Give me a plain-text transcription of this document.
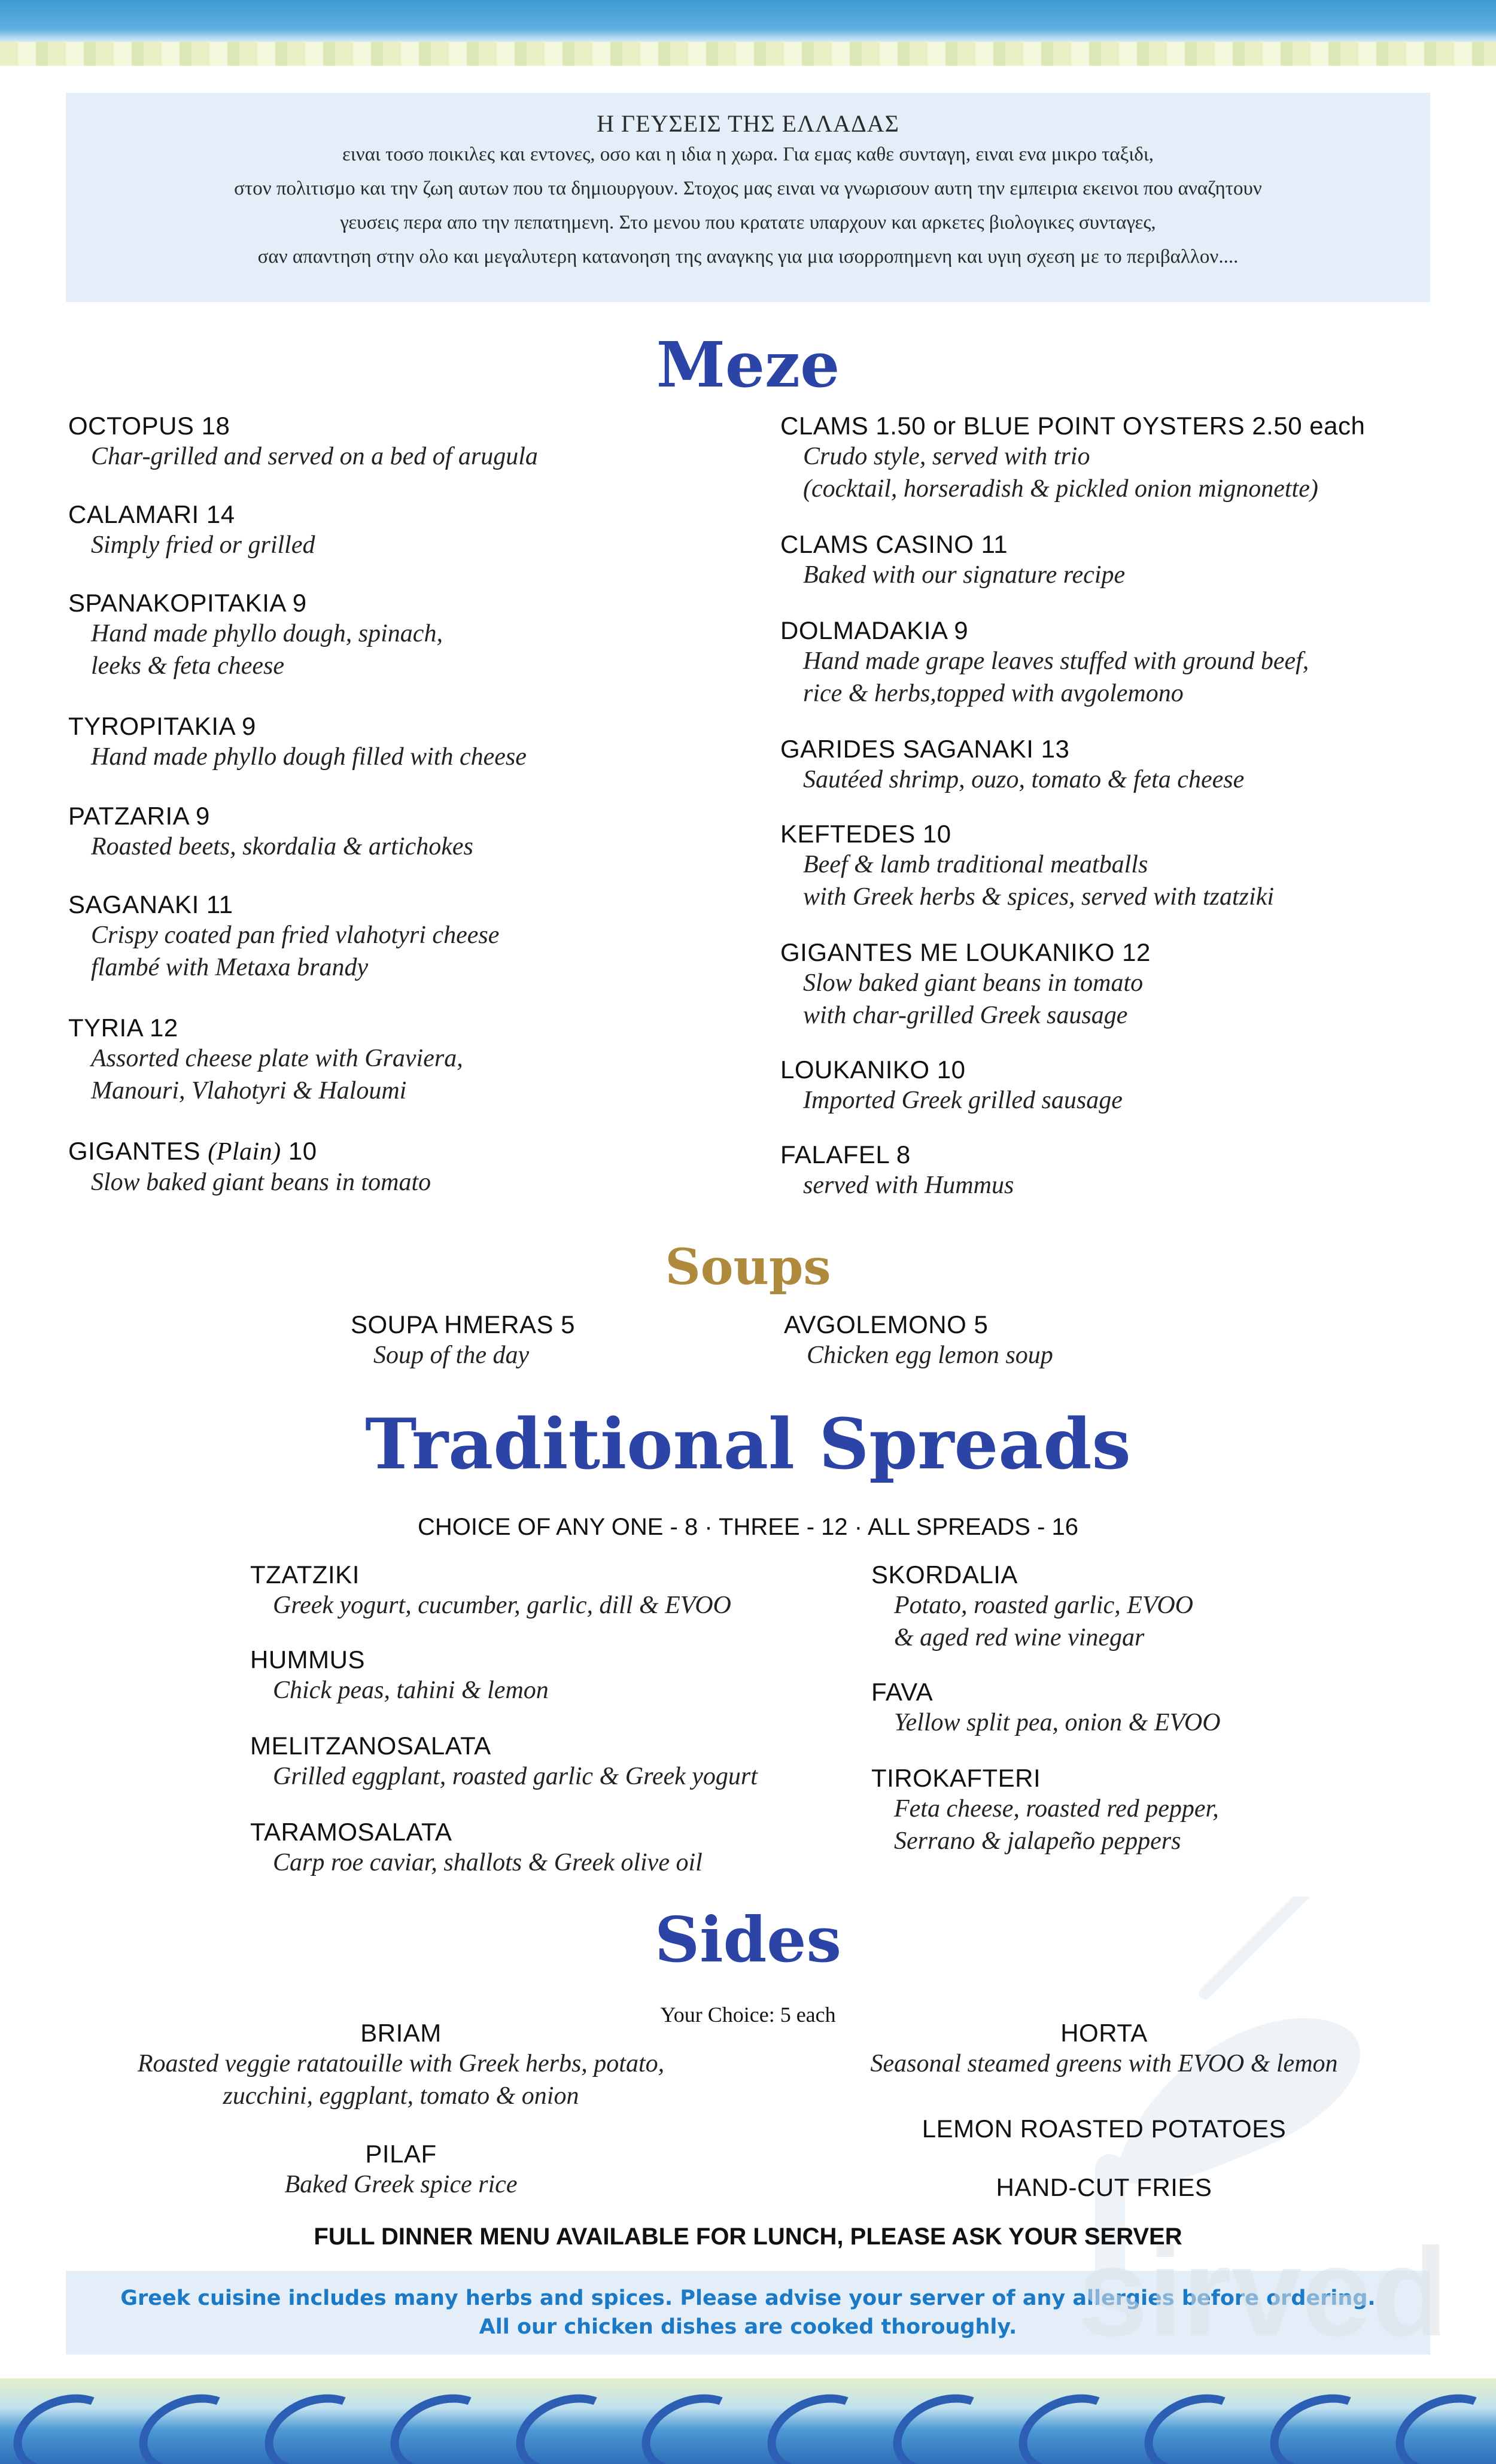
Η ΓΕΥΣΕΙΣ ΤΗΣ ΕΛΛΑΔΑΣ
ειναι τοσο ποικιλες και εντονες, οσο και η ιδια η χωρα. Για εμας καθε συνταγη, ειναι ενα μικρο ταξιδι,
στον πολιτισμο και την ζωη αυτων που τα δημιουργουν. Στοχος μας ειναι να γνωρισουν αυτη την εμπειρια εκεινοι που αναζητουν
γευσεις περα απο την πεπατημενη. Στο μενου που κρατατε υπαρχουν και αρκετες βιολογικες συνταγες,
σαν απαντηση στην ολο και μεγαλυτερη κατανοηση της αναγκης για μια ισορροπημενη και υγιη σχεση με το περιβαλλον....
Meze
OCTOPUS 18
Char-grilled and served on a bed of arugula
CALAMARI 14
Simply fried or grilled
SPANAKOPITAKIA 9
Hand made phyllo dough, spinach,
leeks & feta cheese
TYROPITAKIA 9
Hand made phyllo dough filled with cheese
PATZARIA 9
Roasted beets, skordalia & artichokes
SAGANAKI 11
Crispy coated pan fried vlahotyri cheese
flambé with Metaxa brandy
TYRIA 12
Assorted cheese plate with Graviera,
Manouri, Vlahotyri & Haloumi
GIGANTES (Plain) 10
Slow baked giant beans in tomato
CLAMS 1.50 or BLUE POINT OYSTERS 2.50 each
Crudo style, served with trio
(cocktail, horseradish & pickled onion mignonette)
CLAMS CASINO 11
Baked with our signature recipe
DOLMADAKIA 9
Hand made grape leaves stuffed with ground beef,
rice & herbs,topped with avgolemono
GARIDES SAGANAKI 13
Sautéed shrimp, ouzo, tomato & feta cheese
KEFTEDES 10
Beef & lamb traditional meatballs
with Greek herbs & spices, served with tzatziki
GIGANTES ME LOUKANIKO 12
Slow baked giant beans in tomato
with char-grilled Greek sausage
LOUKANIKO 10
Imported Greek grilled sausage
FALAFEL 8
served with Hummus
Soups
SOUPA HMERAS 5
Soup of the day
AVGOLEMONO 5
Chicken egg lemon soup
Traditional Spreads
CHOICE OF ANY ONE - 8 · THREE - 12 · ALL SPREADS - 16
TZATZIKI
Greek yogurt, cucumber, garlic, dill & EVOO
HUMMUS
Chick peas, tahini & lemon
MELITZANOSALATA
Grilled eggplant, roasted garlic & Greek yogurt
TARAMOSALATA
Carp roe caviar, shallots & Greek olive oil
SKORDALIA
Potato, roasted garlic, EVOO
& aged red wine vinegar
FAVA
Yellow split pea, onion & EVOO
TIROKAFTERI
Feta cheese, roasted red pepper,
Serrano & jalapeño peppers
Sides
Your Choice: 5 each
BRIAM
Roasted veggie ratatouille with Greek herbs, potato,
zucchini, eggplant, tomato & onion
PILAF
Baked Greek spice rice
HORTA
Seasonal steamed greens with EVOO & lemon
LEMON ROASTED POTATOES
HAND-CUT FRIES
FULL DINNER MENU AVAILABLE FOR LUNCH, PLEASE ASK YOUR SERVER
Greek cuisine includes many herbs and spices. Please advise your server of any allergies before ordering.
All our chicken dishes are cooked thoroughly. sirved
